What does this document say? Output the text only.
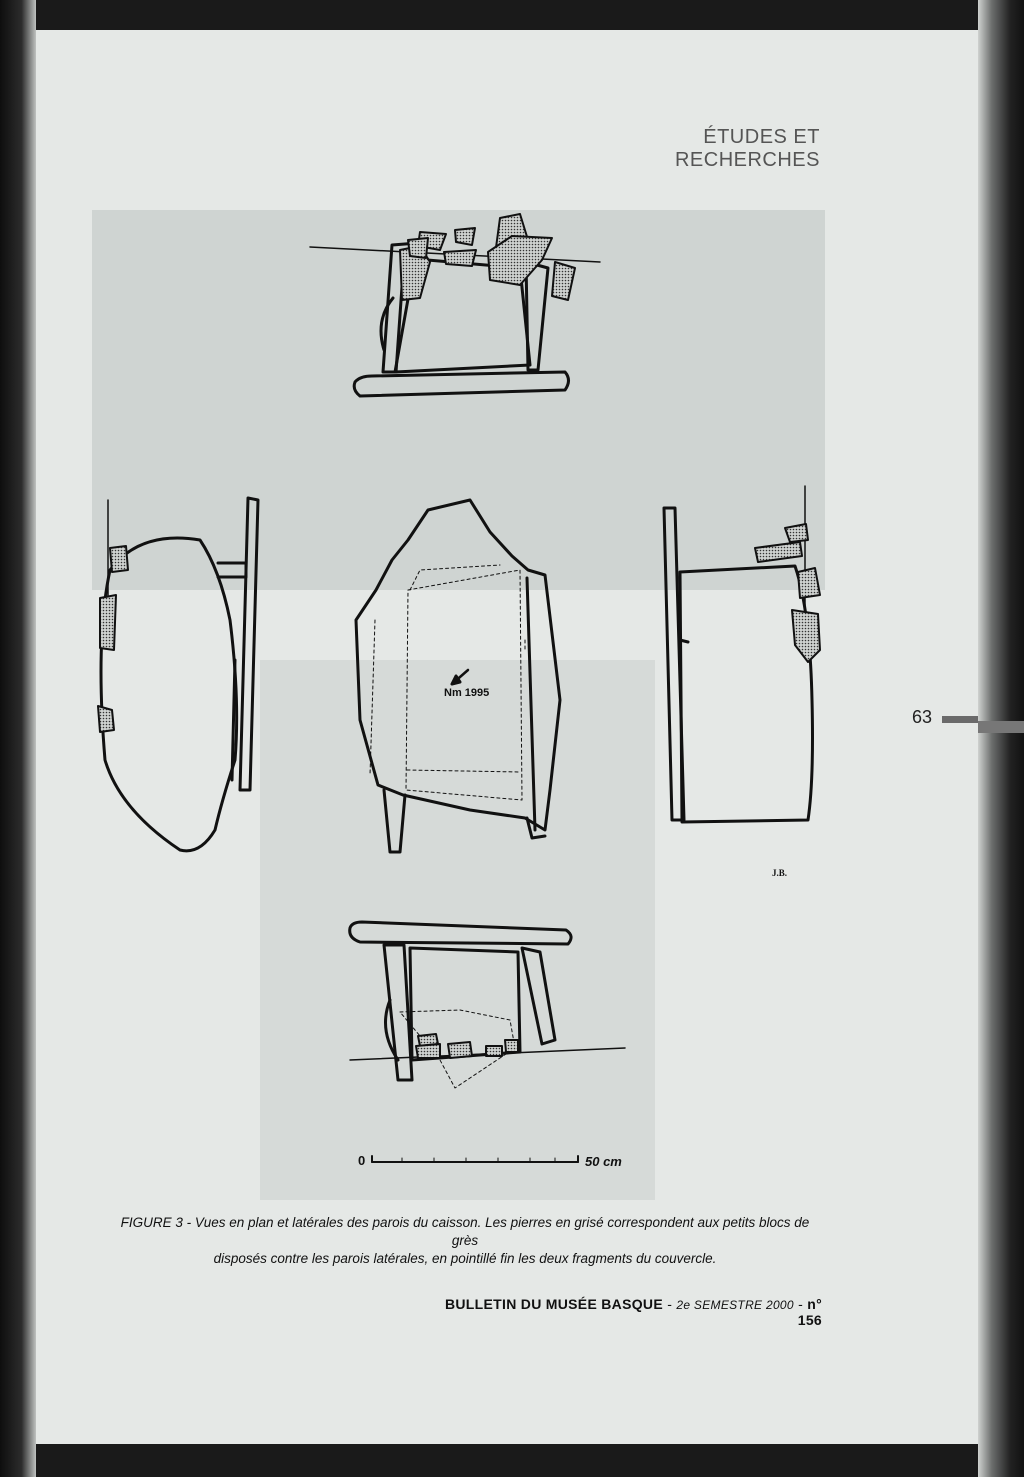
ÉTUDES ET RECHERCHES
Nm 1995
J.B.
0	50 cm
63
FIGURE 3 - Vues en plan et latérales des parois du caisson. Les pierres en grisé correspondent aux petits blocs de grès
disposés contre les parois latérales, en pointillé fin les deux fragments du couvercle.
BULLETIN DU MUSÉE BASQUE - 2e SEMESTRE 2000 - n° 156
